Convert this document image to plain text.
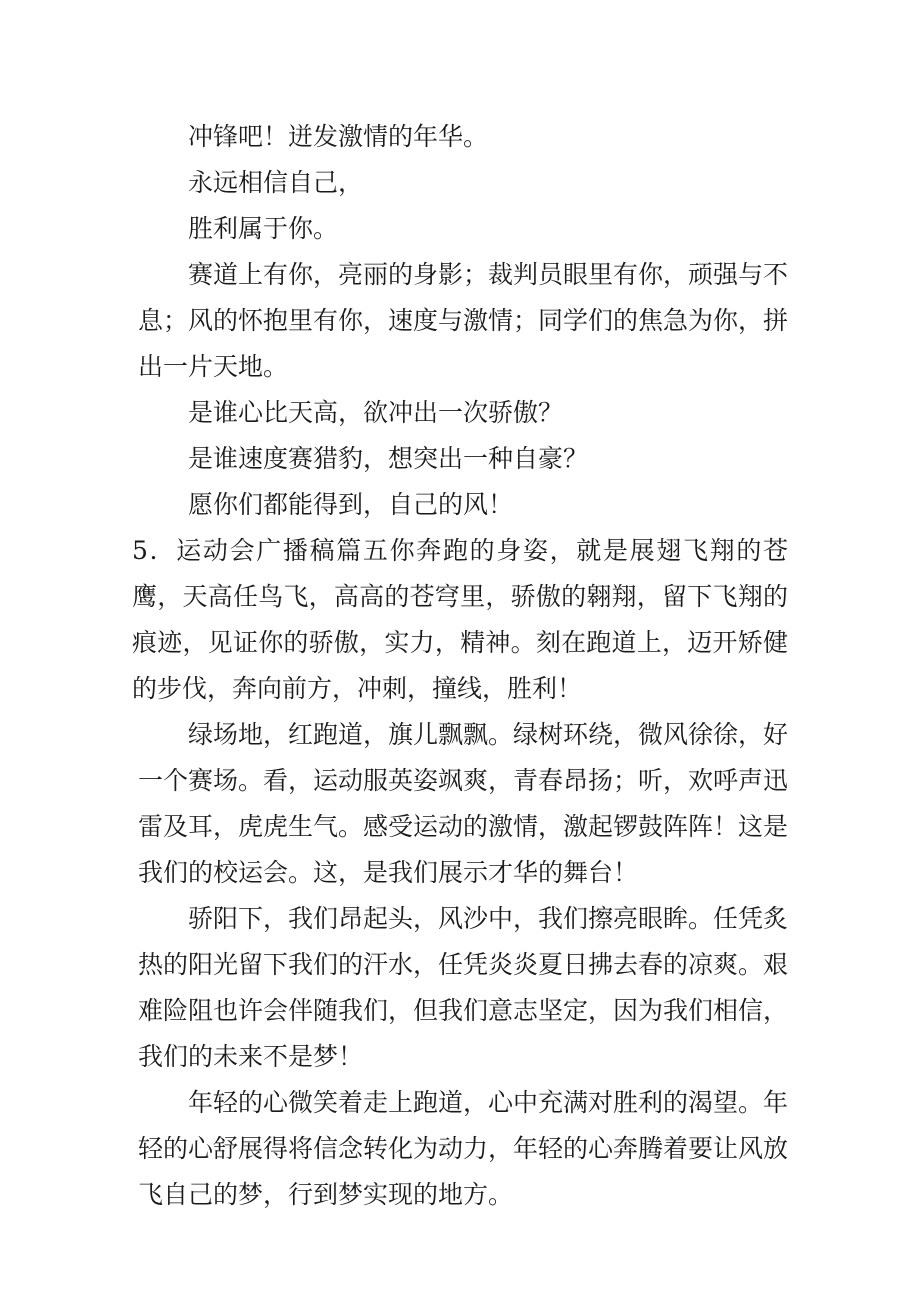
冲锋吧！迸发激情的年华。
永远相信自己，
胜利属于你。

赛道上有你，亮丽的身影；裁判员眼里有你，顽强与不息；风的怀抱里有你，速度与激情；同学们的焦急为你，拼出一片天地。

是谁心比天高，欲冲出一次骄傲？
是谁速度赛猎豹，想突出一种自豪？
愿你们都能得到，自己的风！

5．运动会广播稿篇五你奔跑的身姿，就是展翅飞翔的苍鹰，天高任鸟飞，高高的苍穹里，骄傲的翱翔，留下飞翔的痕迹，见证你的骄傲，实力，精神。刻在跑道上，迈开矫健的步伐，奔向前方，冲刺，撞线，胜利！

绿场地，红跑道，旗儿飘飘。绿树环绕，微风徐徐，好一个赛场。看，运动服英姿飒爽，青春昂扬；听，欢呼声迅雷及耳，虎虎生气。感受运动的激情，激起锣鼓阵阵！这是我们的校运会。这，是我们展示才华的舞台！

骄阳下，我们昂起头，风沙中，我们擦亮眼眸。任凭炙热的阳光留下我们的汗水，任凭炎炎夏日拂去春的凉爽。艰难险阻也许会伴随我们，但我们意志坚定，因为我们相信，我们的未来不是梦！

年轻的心微笑着走上跑道，心中充满对胜利的渴望。年轻的心舒展得将信念转化为动力，年轻的心奔腾着要让风放飞自己的梦，行到梦实现的地方。
